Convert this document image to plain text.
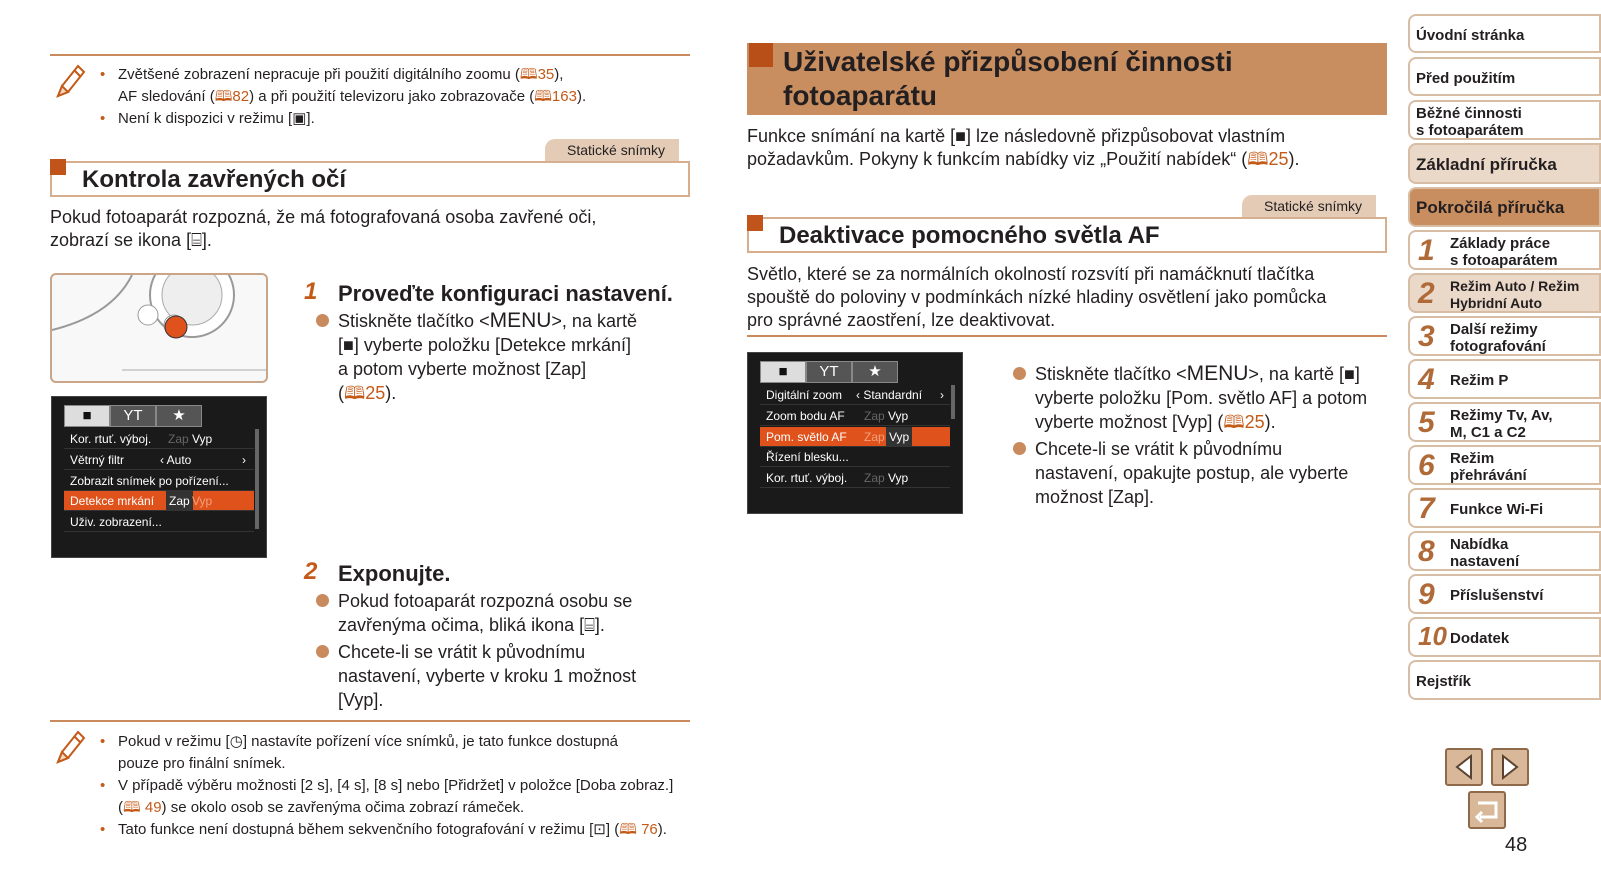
• Zvětšené zobrazení nepracuje při použití digitálního zoomu (🕮35),
AF sledování (🕮82) a při použití televizoru jako zobrazovače (🕮163).
• Není k dispozici v režimu [▣].
Statické snímky
Kontrola zavřených očí
Pokud fotoaparát rozpozná, že má fotografovaná osoba zavřené oči,
zobrazí se ikona [⌸].
■	YT	★
Kor. rtuť. výboj. Zap Vyp
Větrný filtr	‹ Auto	›
Zobrazit snímek po pořízení...
Detekce mrkání Zap Vyp
Uživ. zobrazení...
1 Proveďte konfiguraci nastavení.

Stiskněte tlačítko <MENU>, na kartě
[■] vyberte položku [Detekce mrkání]
a potom vyberte možnost [Zap]
(🕮25).

2 Exponujte.

Pokud fotoaparát rozpozná osobu se
zavřenýma očima, bliká ikona [⌸].

Chcete-li se vrátit k původnímu
nastavení, vyberte v kroku 1 možnost
[Vyp].

• Pokud v režimu [◷] nastavíte pořízení více snímků, je tato funkce dostupná
pouze pro finální snímek.
• V případě výběru možnosti [2 s], [4 s], [8 s] nebo [Přidržet] v položce [Doba zobraz.]
(🕮 49) se okolo osob se zavřenýma očima zobrazí rámeček.
• Tato funkce není dostupná během sekvenčního fotografování v režimu [⊡] (🕮 76).
Uživatelské přizpůsobení činnosti
fotoaparátu
Funkce snímání na kartě [■] lze následovně přizpůsobovat vlastním
požadavkům. Pokyny k funkcím nabídky viz „Použití nabídek“ (🕮25).
Statické snímky
Deaktivace pomocného světla AF
Světlo, které se za normálních okolností rozsvítí při namáčknutí tlačítka
spouště do poloviny v podmínkách nízké hladiny osvětlení jako pomůcka
pro správné zaostření, lze deaktivovat.
■	YT	★
Digitální zoom ‹ Standardní ›
Zoom bodu AF Zap Vyp
Pom. světlo AF Zap Vyp
Řízení blesku...
Kor. rtuť. výboj. Zap Vyp

Stiskněte tlačítko <MENU>, na kartě [■]
vyberte položku [Pom. světlo AF] a potom
vyberte možnost [Vyp] (🕮25).

Chcete-li se vrátit k původnímu
nastavení, opakujte postup, ale vyberte
možnost [Zap].

Úvodní stránka
Před použitím
Běžné činnosti
s fotoaparátem
Základní příručka
Pokročilá příručka
1 Základy práce
s fotoaparátem
2 Režim Auto / Režim
Hybridní Auto
3 Další režimy
fotografování
4 Režim P
5 Režimy Tv, Av,
M, C1 a C2
6 Režim
přehrávání
7 Funkce Wi-Fi
8 Nabídka
nastavení
9 Příslušenství
10 Dodatek
Rejstřík
48
